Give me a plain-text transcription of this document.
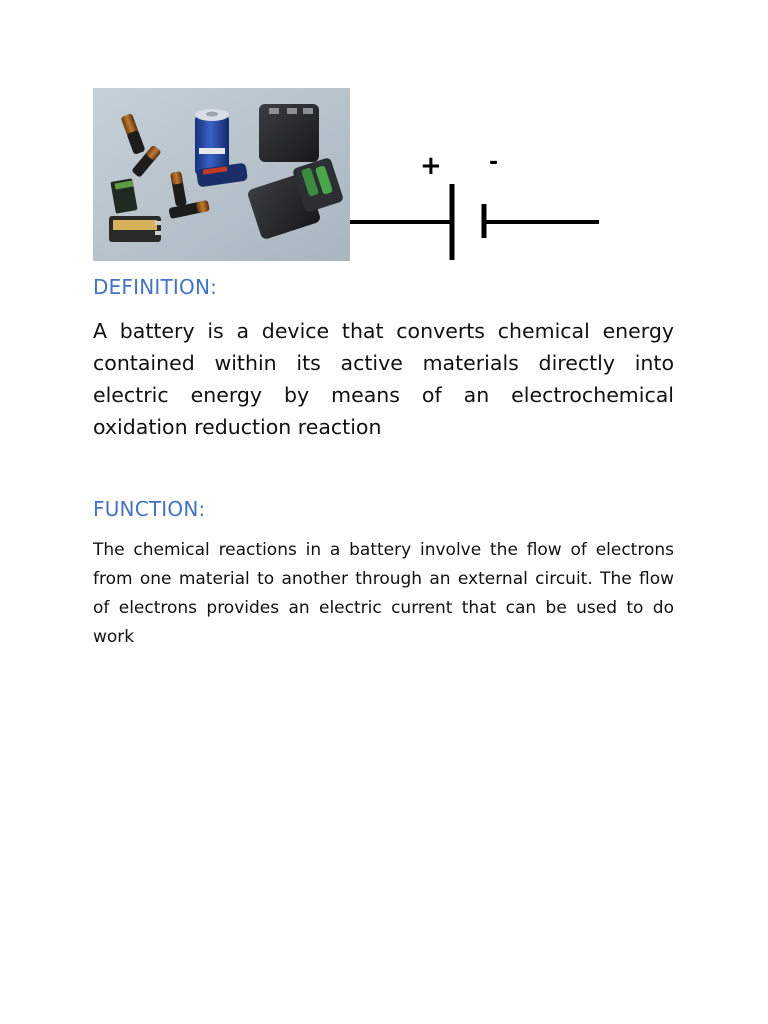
+ -
DEFINITION:

A battery is a device that converts chemical energy contained within its active materials directly into electric energy by means of an electrochemical oxidation reduction reaction

FUNCTION:

The chemical reactions in a battery involve the flow of electrons from one material to another through an external circuit. The flow of electrons provides an electric current that can be used to do work
